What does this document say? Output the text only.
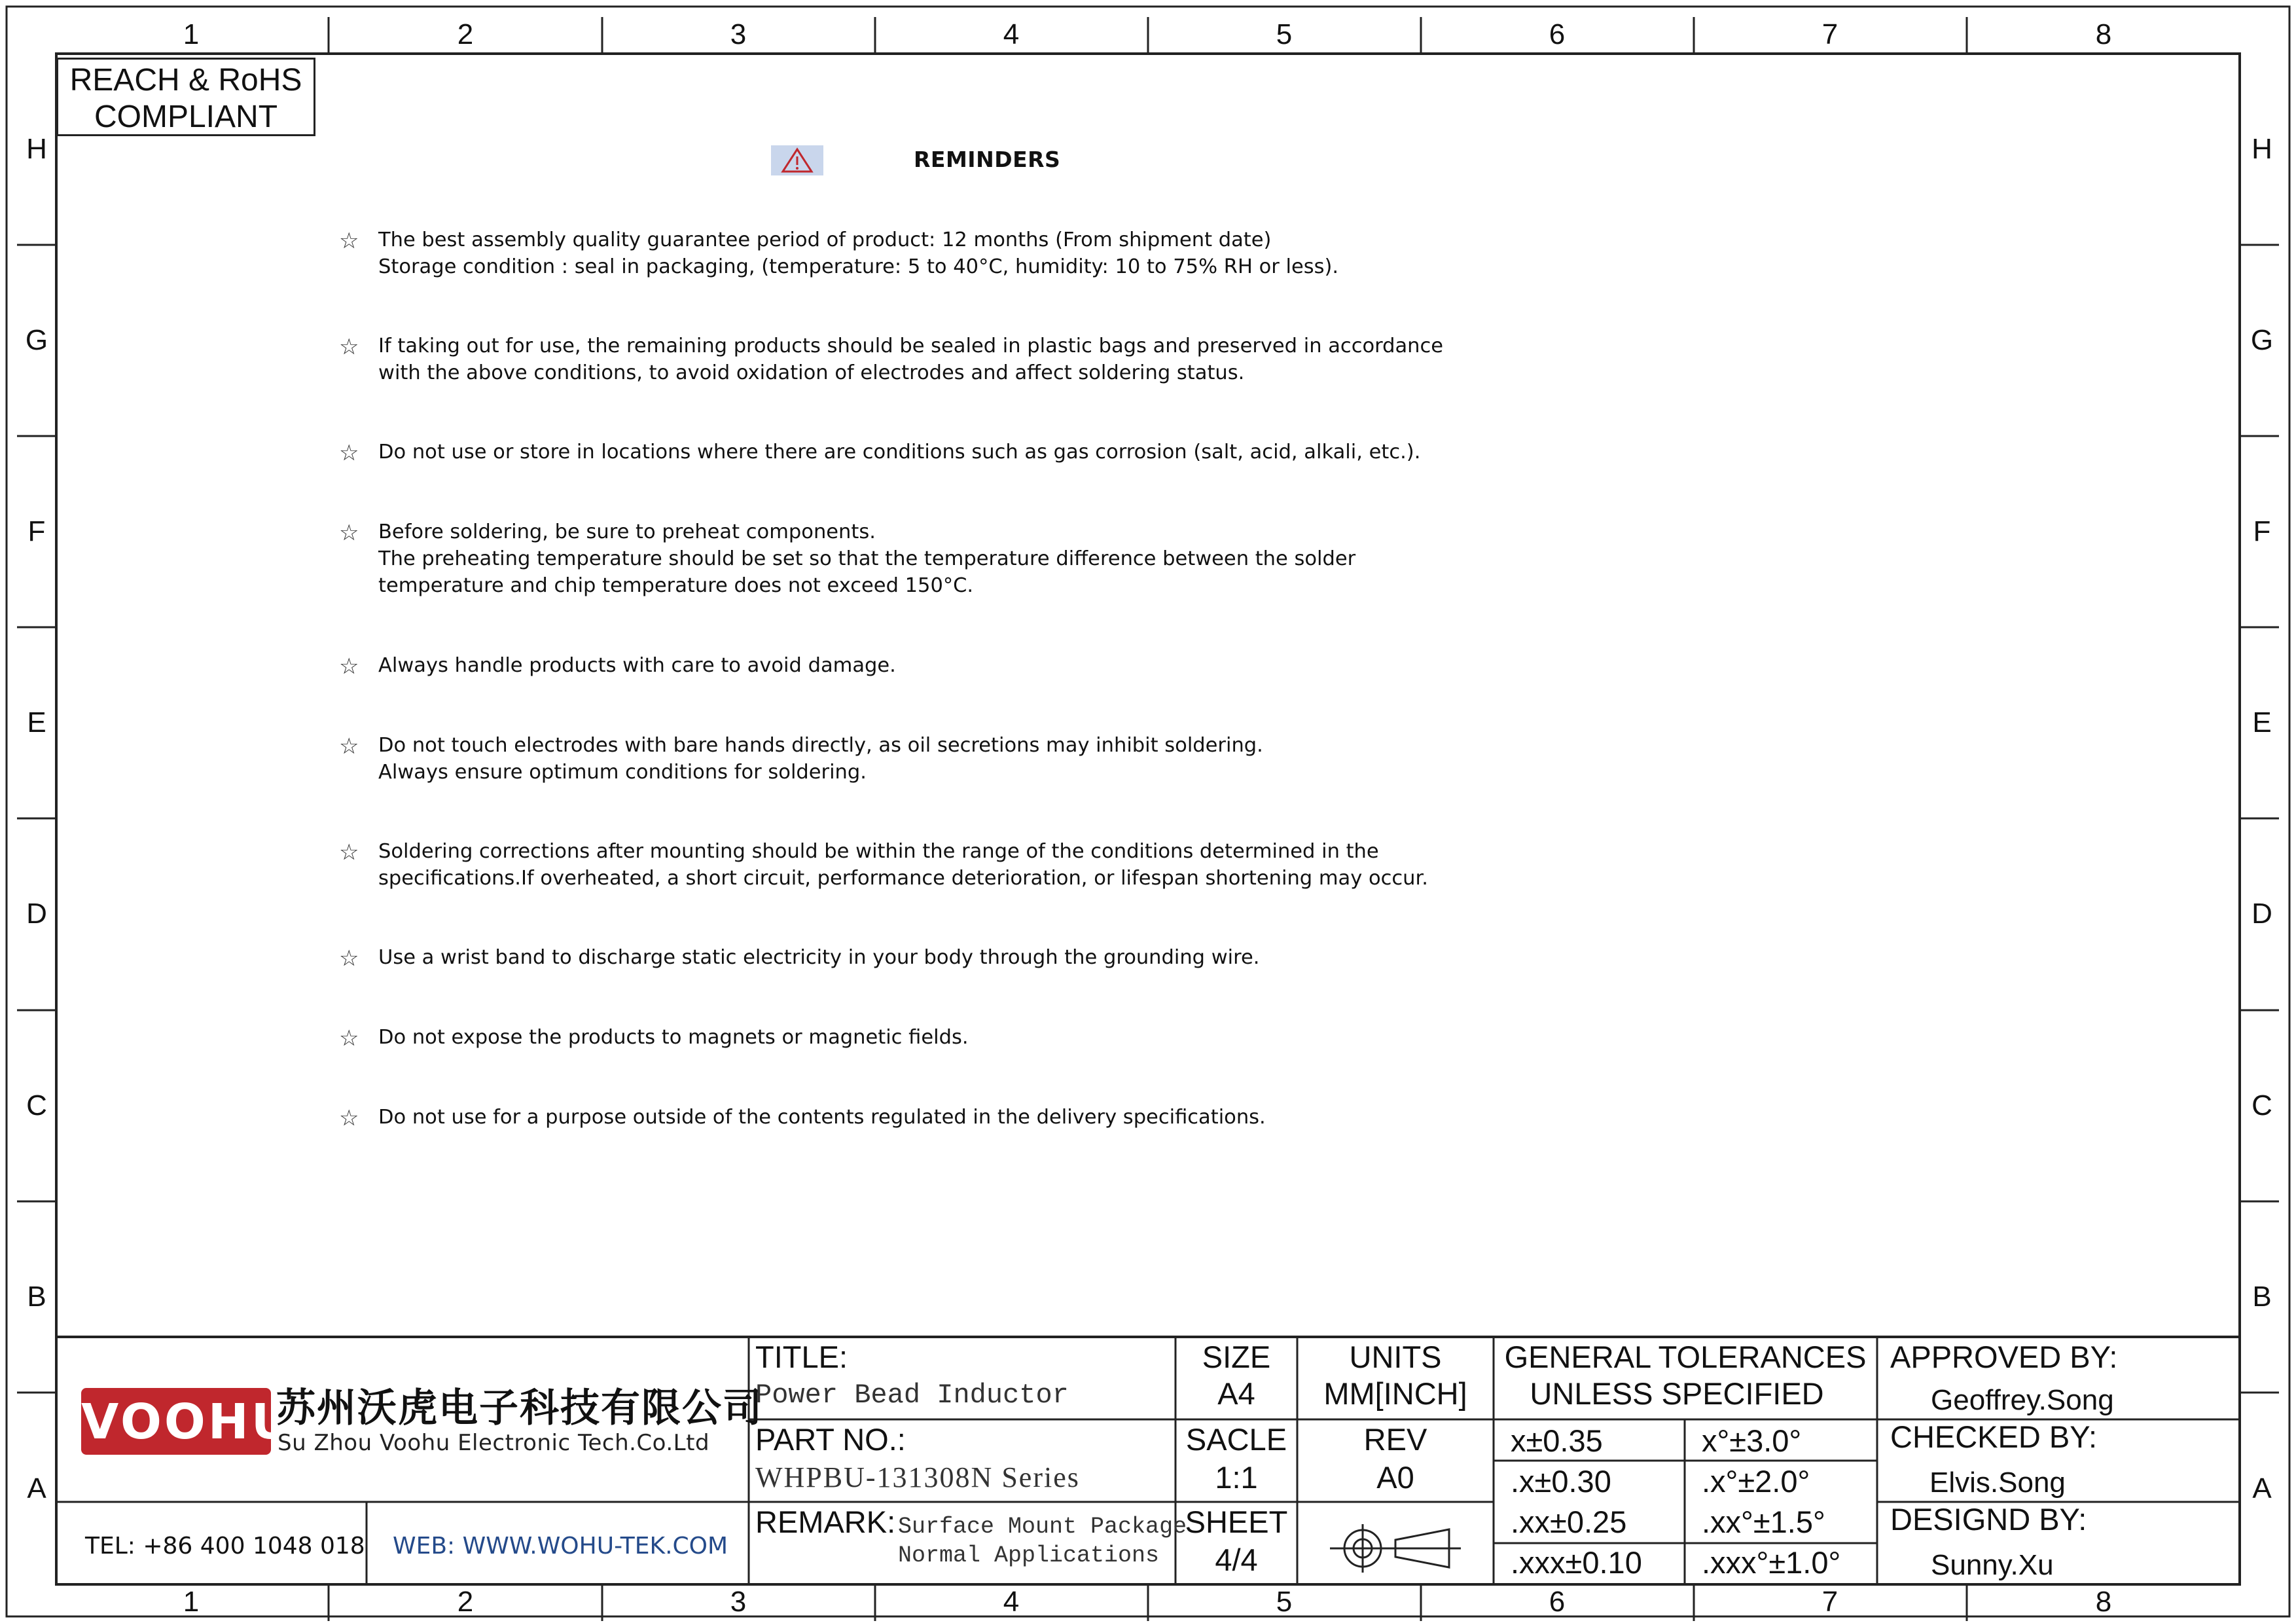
1	2	3	4	5	6	7	8
1	2	3	4	5	6	7	8
H
G
F
E
D
C
B
A
H
G
F
E
D
C
B
A
REACH & RoHS
COMPLIANT
REMINDERS
☆ The best assembly quality guarantee period of product: 12 months (From shipment date)
Storage condition : seal in packaging, (temperature: 5 to 40°C, humidity: 10 to 75% RH or less).
☆ If taking out for use, the remaining products should be sealed in plastic bags and preserved in accordance
with the above conditions, to avoid oxidation of electrodes and affect soldering status.
☆ Do not use or store in locations where there are conditions such as gas corrosion (salt, acid, alkali, etc.).
☆ Before soldering, be sure to preheat components.
The preheating temperature should be set so that the temperature difference between the solder
temperature and chip temperature does not exceed 150°C.
☆ Always handle products with care to avoid damage.
☆ Do not touch electrodes with bare hands directly, as oil secretions may inhibit soldering.
Always ensure optimum conditions for soldering.
☆ Soldering corrections after mounting should be within the range of the conditions determined in the
specifications.If overheated, a short circuit, performance deterioration, or lifespan shortening may occur.
☆ Use a wrist band to discharge static electricity in your body through the grounding wire.
☆ Do not expose the products to magnets or magnetic fields.
☆ Do not use for a purpose outside of the contents regulated in the delivery specifications.
VOOHU
苏州沃虎电子科技有限公司
Su Zhou Voohu Electronic Tech.Co.Ltd
TEL: +86 400 1048 018 WEB: WWW.WOHU-TEK.COM
TITLE:
Power Bead Inductor
PART NO.:
WHPBU-131308N Series
REMARK: Surface Mount Package
Normal Applications
SIZE
A4
UNITS
MM[INCH]
SACLE
1:1
REV
A0
SHEET
4/4
GENERAL TOLERANCES
UNLESS SPECIFIED
x±0.35	x°±3.0°
.x±0.30	.x°±2.0°
.xx±0.25 .xx°±1.5°
.xxx±0.10 .xxx°±1.0°
APPROVED BY:
Geoffrey.Song
CHECKED BY:
Elvis.Song
DESIGND BY:
Sunny.Xu
